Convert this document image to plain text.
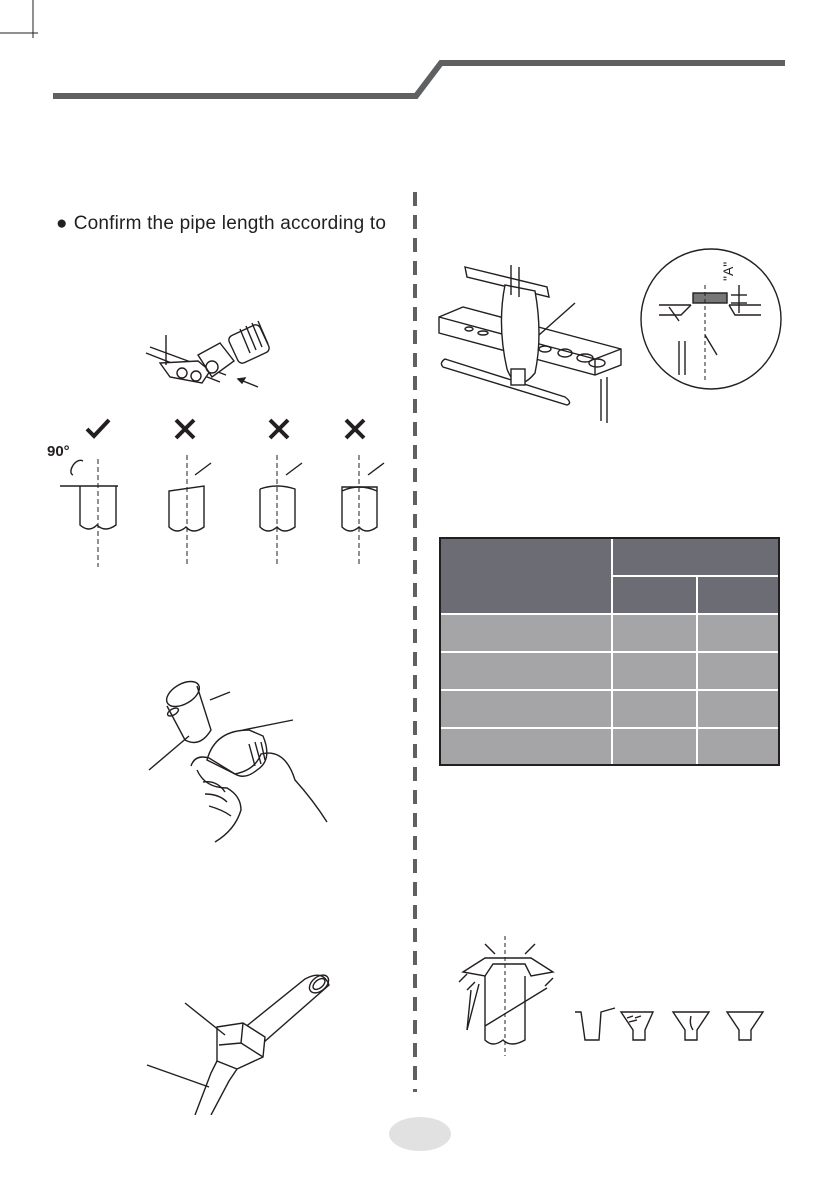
● Confirm the pipe length according to
90°
"A"
